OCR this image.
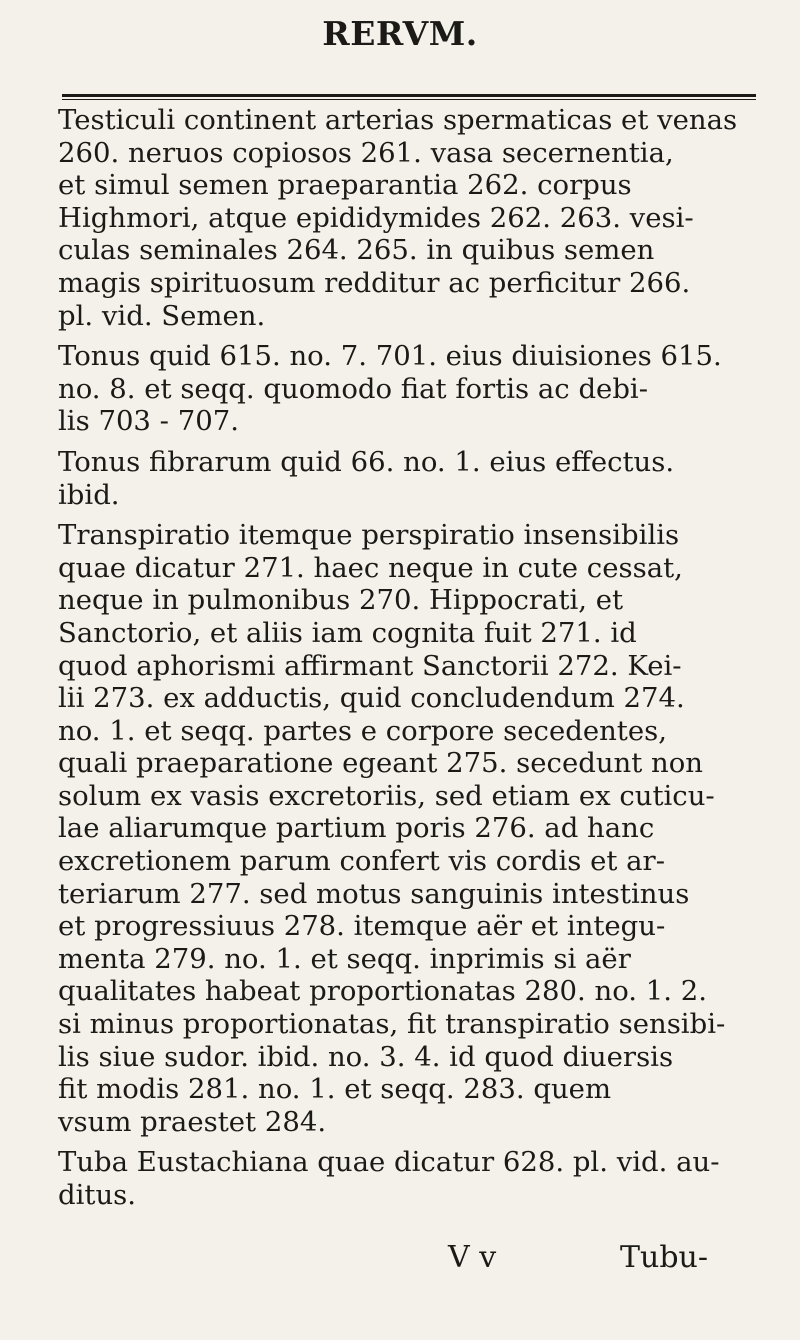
RERVM.
Testiculi continent arterias spermaticas et venas
260. neruos copiosos 261. vasa secernentia,
et simul semen praeparantia 262. corpus
Highmori, atque epididymides 262. 263. vesi-
culas seminales 264. 265. in quibus semen
magis spirituosum redditur ac perficitur 266.
pl. vid. Semen.
Tonus quid 615. no. 7. 701. eius diuisiones 615.
no. 8. et seqq. quomodo fiat fortis ac debi-
lis 703 - 707.
Tonus fibrarum quid 66. no. 1. eius effectus.
ibid.
Transpiratio itemque perspiratio insensibilis
quae dicatur 271. haec neque in cute cessat,
neque in pulmonibus 270. Hippocrati, et
Sanctorio, et aliis iam cognita fuit 271. id
quod aphorismi affirmant Sanctorii 272. Kei-
lii 273. ex adductis, quid concludendum 274.
no. 1. et seqq. partes e corpore secedentes,
quali praeparatione egeant 275. secedunt non
solum ex vasis excretoriis, sed etiam ex cuticu-
lae aliarumque partium poris 276. ad hanc
excretionem parum confert vis cordis et ar-
teriarum 277. sed motus sanguinis intestinus
et progressiuus 278. itemque aër et integu-
menta 279. no. 1. et seqq. inprimis si aër
qualitates habeat proportionatas 280. no. 1. 2.
si minus proportionatas, fit transpiratio sensibi-
lis siue sudor. ibid. no. 3. 4. id quod diuersis
fit modis 281. no. 1. et seqq. 283. quem
vsum praestet 284.
Tuba Eustachiana quae dicatur 628. pl. vid. au-
ditus.
V v	Tubu-
